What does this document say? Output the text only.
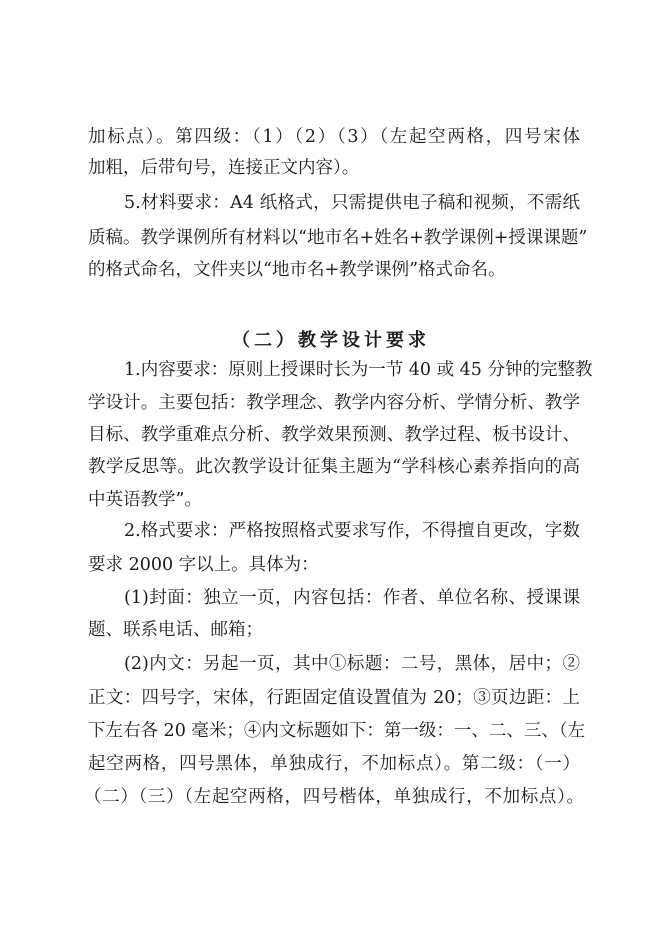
加标点）。第四级：（1）（2）（3）（左起空两格，四号宋体
加粗，后带句号，连接正文内容）。
5.材料要求：A4 纸格式，只需提供电子稿和视频，不需纸
质稿。教学课例所有材料以“地市名+姓名+教学课例+授课课题”
的格式命名，文件夹以“地市名+教学课例”格式命名。
（二）教学设计要求
1.内容要求：原则上授课时长为一节 40 或 45 分钟的完整教
学设计。主要包括：教学理念、教学内容分析、学情分析、教学
目标、教学重难点分析、教学效果预测、教学过程、板书设计、
教学反思等。此次教学设计征集主题为“学科核心素养指向的高
中英语教学”。
2.格式要求：严格按照格式要求写作，不得擅自更改，字数
要求 2000 字以上。具体为：
(1)封面：独立一页，内容包括：作者、单位名称、授课课
题、联系电话、邮箱；
(2)内文：另起一页，其中①标题：二号，黑体，居中；②
正文：四号字，宋体，行距固定值设置值为 20；③页边距：上
下左右各 20 毫米；④内文标题如下：第一级：一、二、三、（左
起空两格，四号黑体，单独成行，不加标点）。第二级：（一）
（二）（三）（左起空两格，四号楷体，单独成行，不加标点）。
